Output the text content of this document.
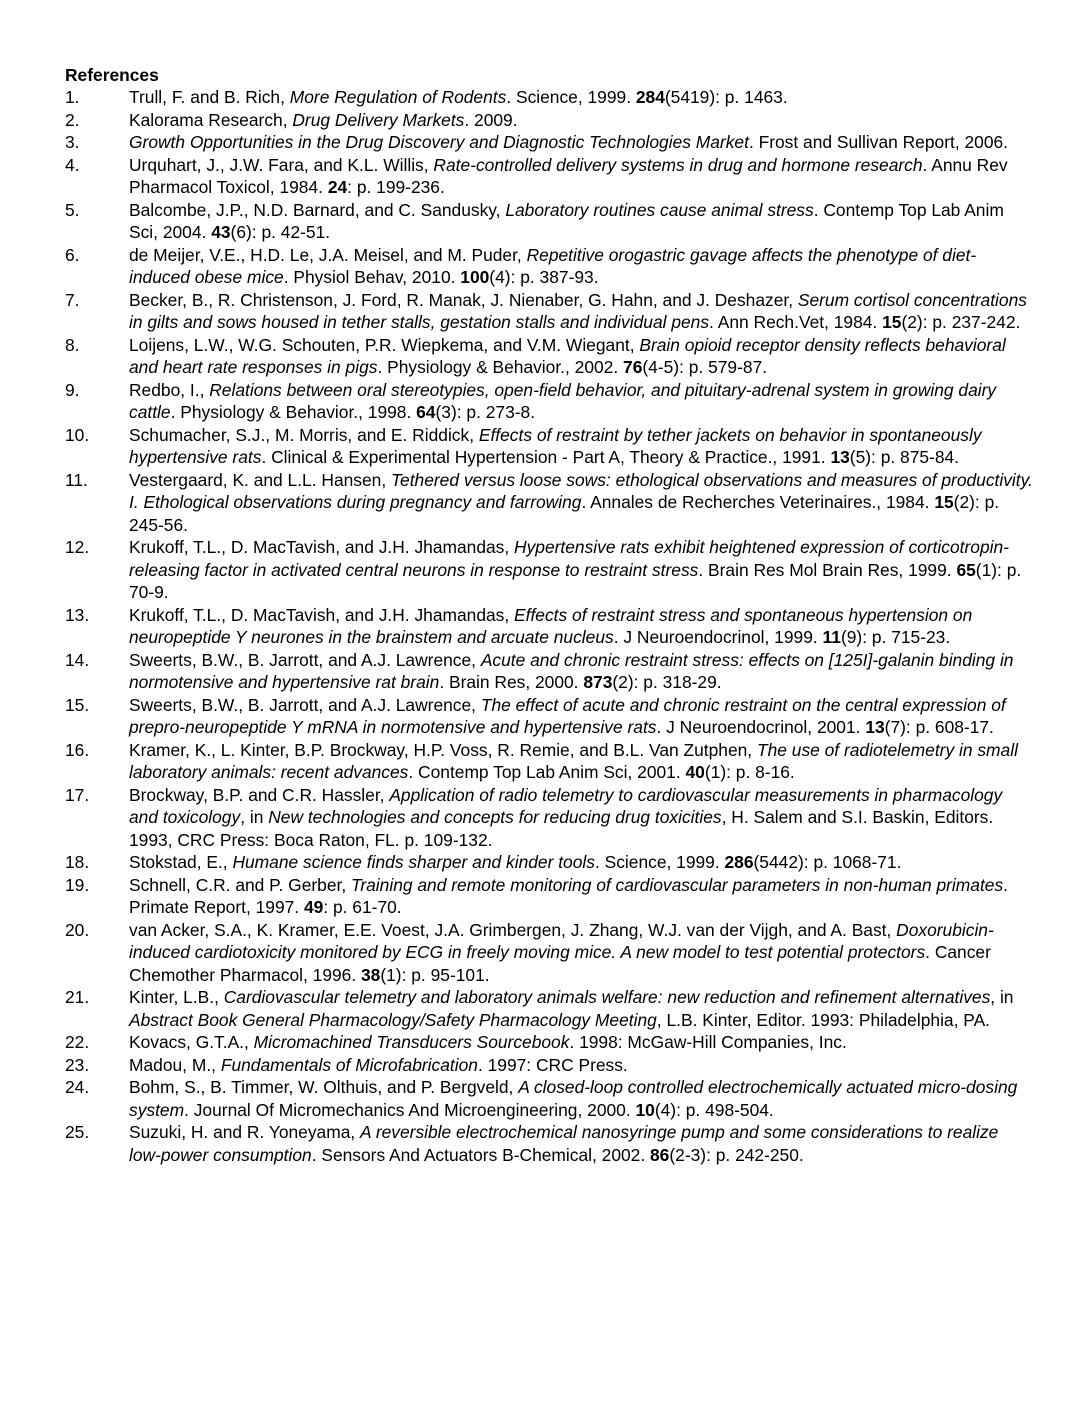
References
1.	Trull, F. and B. Rich, More Regulation of Rodents. Science, 1999. 284(5419): p. 1463.
2.	Kalorama Research, Drug Delivery Markets. 2009.
3.	Growth Opportunities in the Drug Discovery and Diagnostic Technologies Market. Frost and Sullivan Report, 2006.
4.	Urquhart, J., J.W. Fara, and K.L. Willis, Rate-controlled delivery systems in drug and hormone research. Annu Rev Pharmacol Toxicol, 1984. 24: p. 199-236.
5.	Balcombe, J.P., N.D. Barnard, and C. Sandusky, Laboratory routines cause animal stress. Contemp Top Lab Anim Sci, 2004. 43(6): p. 42-51.
6.	de Meijer, V.E., H.D. Le, J.A. Meisel, and M. Puder, Repetitive orogastric gavage affects the phenotype of diet-induced obese mice. Physiol Behav, 2010. 100(4): p. 387-93.
7.	Becker, B., R. Christenson, J. Ford, R. Manak, J. Nienaber, G. Hahn, and J. Deshazer, Serum cortisol concentrations in gilts and sows housed in tether stalls, gestation stalls and individual pens. Ann Rech.Vet, 1984. 15(2): p. 237-242.
8.	Loijens, L.W., W.G. Schouten, P.R. Wiepkema, and V.M. Wiegant, Brain opioid receptor density reflects behavioral and heart rate responses in pigs. Physiology & Behavior., 2002. 76(4-5): p. 579-87.
9.	Redbo, I., Relations between oral stereotypies, open-field behavior, and pituitary-adrenal system in growing dairy cattle. Physiology & Behavior., 1998. 64(3): p. 273-8.
10. Schumacher, S.J., M. Morris, and E. Riddick, Effects of restraint by tether jackets on behavior in spontaneously hypertensive rats. Clinical & Experimental Hypertension - Part A, Theory & Practice., 1991. 13(5): p. 875-84.
11. Vestergaard, K. and L.L. Hansen, Tethered versus loose sows: ethological observations and measures of productivity. I. Ethological observations during pregnancy and farrowing. Annales de Recherches Veterinaires., 1984. 15(2): p. 245-56.
12. Krukoff, T.L., D. MacTavish, and J.H. Jhamandas, Hypertensive rats exhibit heightened expression of corticotropin-releasing factor in activated central neurons in response to restraint stress. Brain Res Mol Brain Res, 1999. 65(1): p. 70-9.
13. Krukoff, T.L., D. MacTavish, and J.H. Jhamandas, Effects of restraint stress and spontaneous hypertension on neuropeptide Y neurones in the brainstem and arcuate nucleus. J Neuroendocrinol, 1999. 11(9): p. 715-23.
14. Sweerts, B.W., B. Jarrott, and A.J. Lawrence, Acute and chronic restraint stress: effects on [125I]-galanin binding in normotensive and hypertensive rat brain. Brain Res, 2000. 873(2): p. 318-29.
15. Sweerts, B.W., B. Jarrott, and A.J. Lawrence, The effect of acute and chronic restraint on the central expression of prepro-neuropeptide Y mRNA in normotensive and hypertensive rats. J Neuroendocrinol, 2001. 13(7): p. 608-17.
16. Kramer, K., L. Kinter, B.P. Brockway, H.P. Voss, R. Remie, and B.L. Van Zutphen, The use of radiotelemetry in small laboratory animals: recent advances. Contemp Top Lab Anim Sci, 2001. 40(1): p. 8-16.
17. Brockway, B.P. and C.R. Hassler, Application of radio telemetry to cardiovascular measurements in pharmacology and toxicology, in New technologies and concepts for reducing drug toxicities, H. Salem and S.I. Baskin, Editors. 1993, CRC Press: Boca Raton, FL. p. 109-132.
18. Stokstad, E., Humane science finds sharper and kinder tools. Science, 1999. 286(5442): p. 1068-71.
19. Schnell, C.R. and P. Gerber, Training and remote monitoring of cardiovascular parameters in non-human primates. Primate Report, 1997. 49: p. 61-70.
20. van Acker, S.A., K. Kramer, E.E. Voest, J.A. Grimbergen, J. Zhang, W.J. van der Vijgh, and A. Bast, Doxorubicin-induced cardiotoxicity monitored by ECG in freely moving mice. A new model to test potential protectors. Cancer Chemother Pharmacol, 1996. 38(1): p. 95-101.
21. Kinter, L.B., Cardiovascular telemetry and laboratory animals welfare: new reduction and refinement alternatives, in Abstract Book General Pharmacology/Safety Pharmacology Meeting, L.B. Kinter, Editor. 1993: Philadelphia, PA.
22. Kovacs, G.T.A., Micromachined Transducers Sourcebook. 1998: McGaw-Hill Companies, Inc.
23. Madou, M., Fundamentals of Microfabrication. 1997: CRC Press.
24. Bohm, S., B. Timmer, W. Olthuis, and P. Bergveld, A closed-loop controlled electrochemically actuated micro-dosing system. Journal Of Micromechanics And Microengineering, 2000. 10(4): p. 498-504.
25. Suzuki, H. and R. Yoneyama, A reversible electrochemical nanosyringe pump and some considerations to realize low-power consumption. Sensors And Actuators B-Chemical, 2002. 86(2-3): p. 242-250.
